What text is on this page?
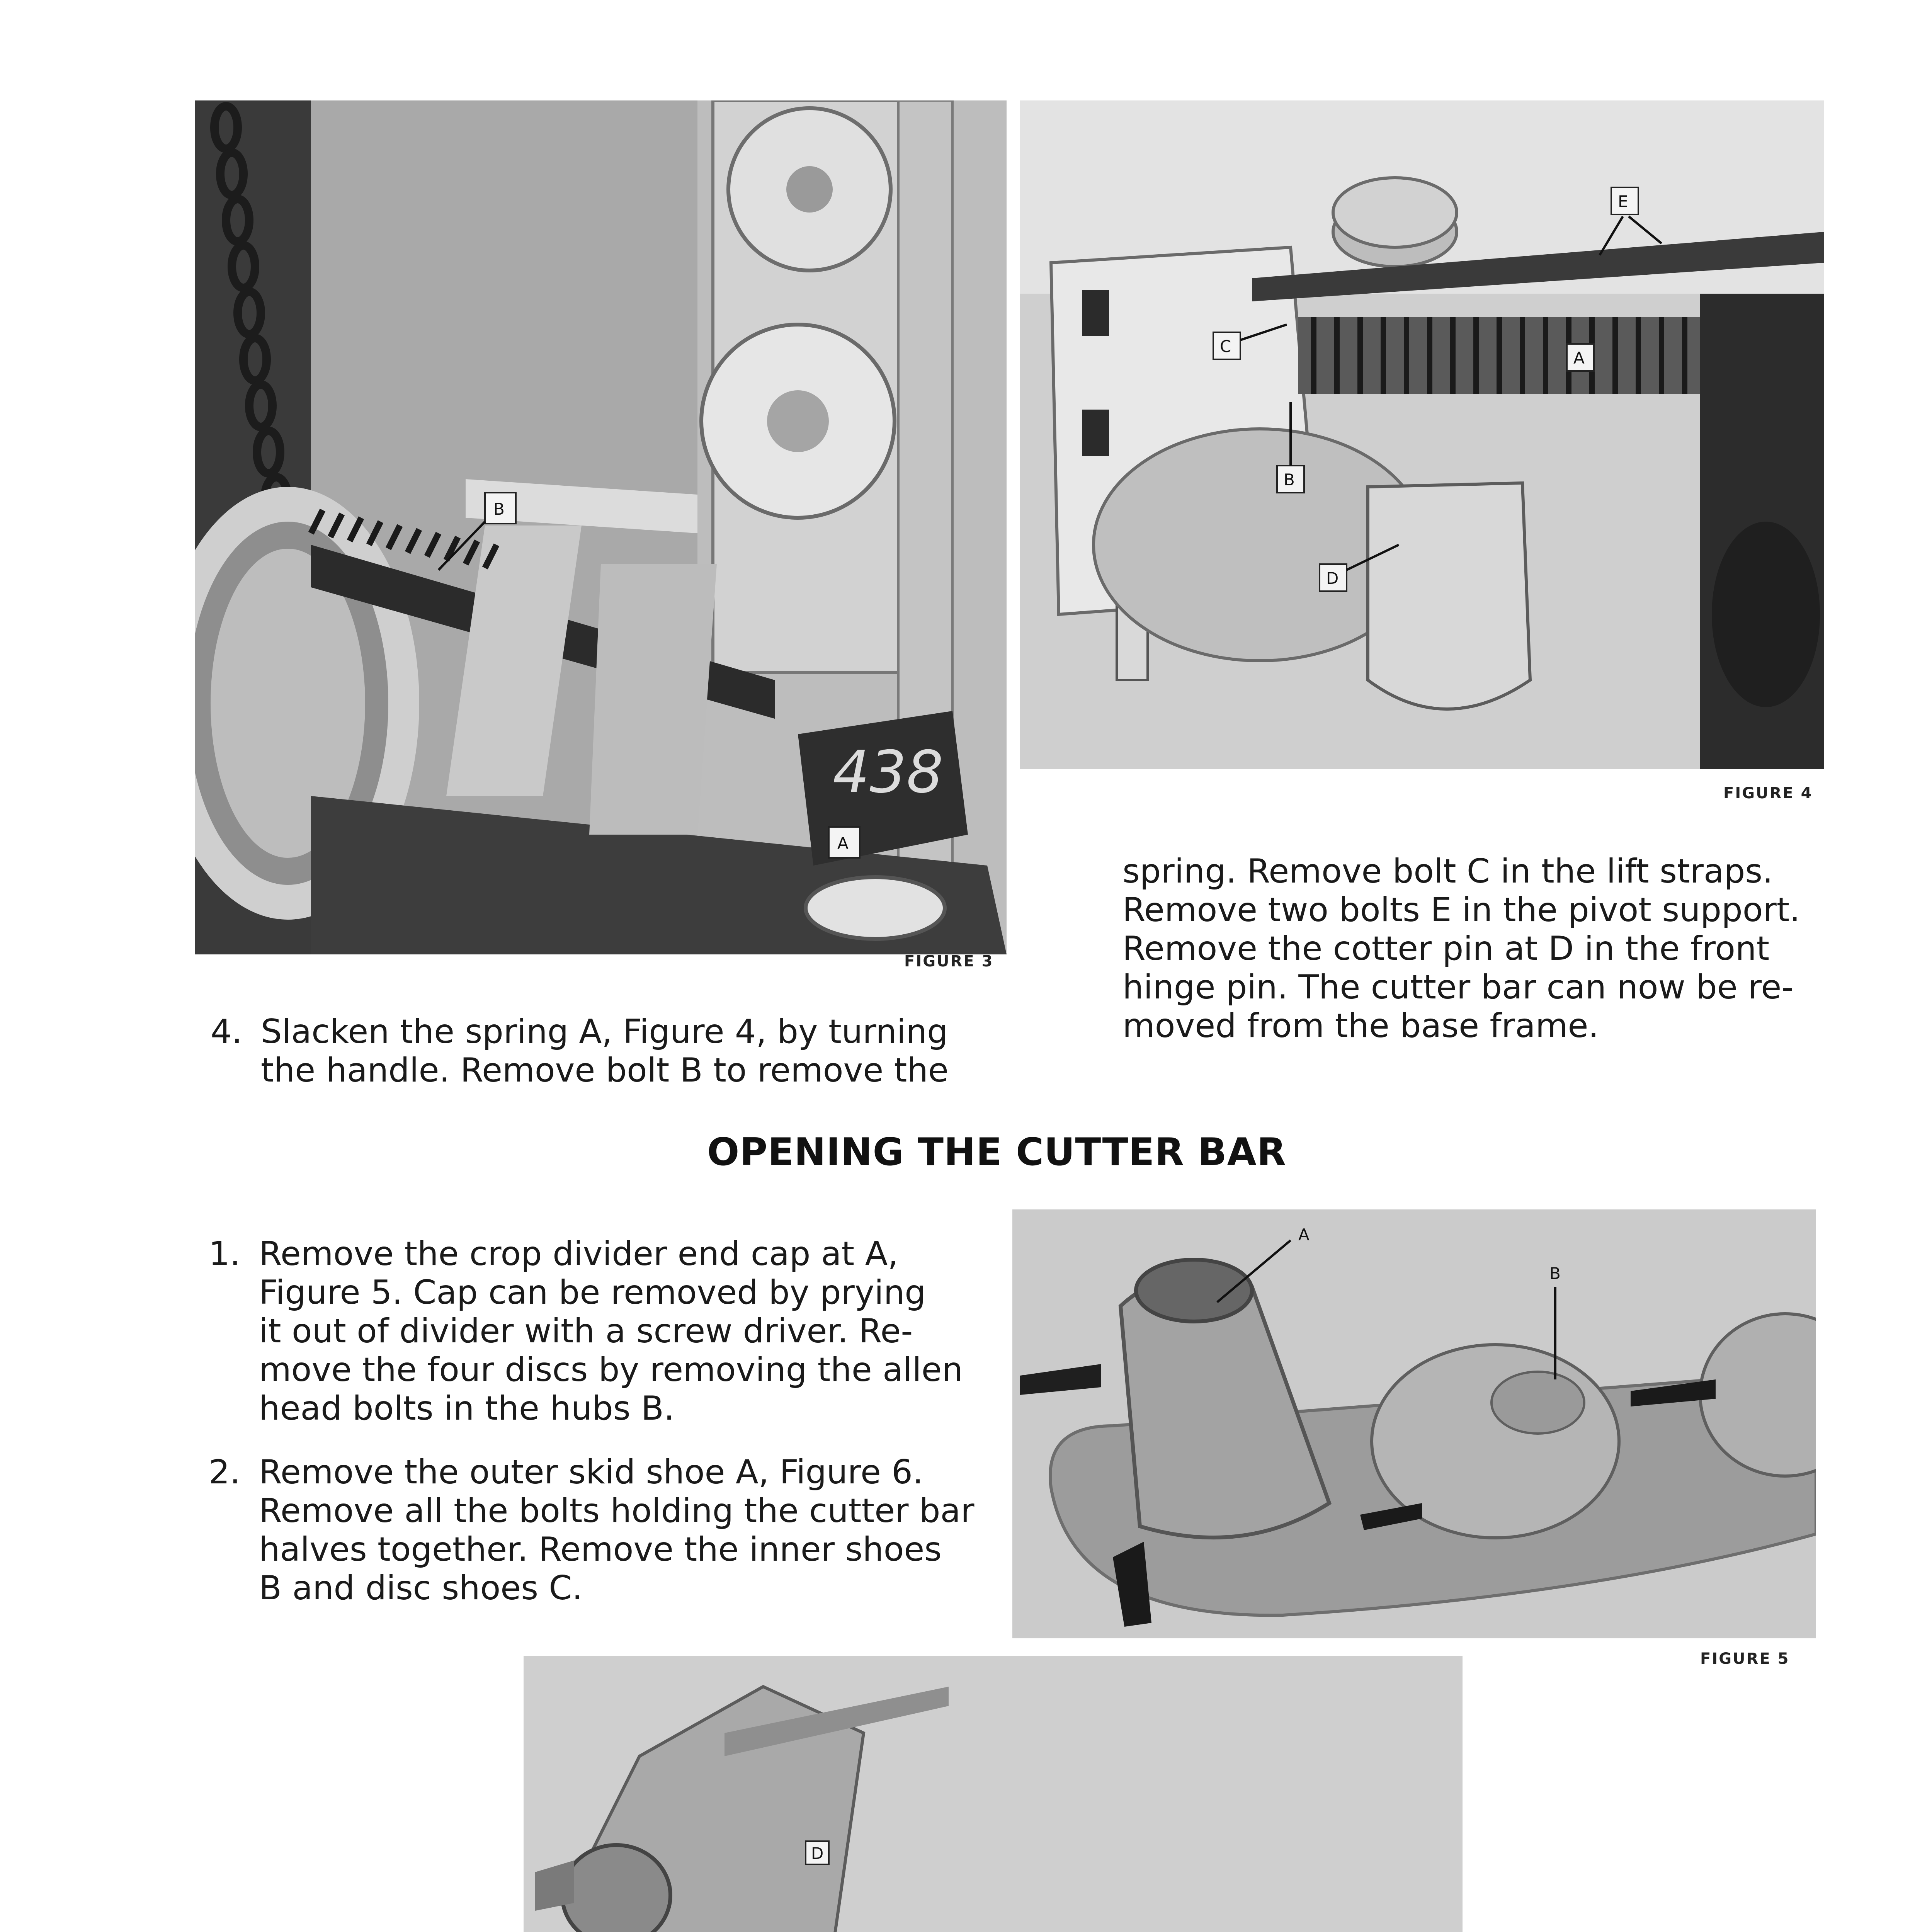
438
B
A
FIGURE 3
E
A
C
B
D
FIGURE 4
4. Slacken the spring A, Figure 4, by turning
the handle. Remove bolt B to remove the
spring. Remove bolt C in the lift straps.
Remove two bolts E in the pivot support.
Remove the cotter pin at D in the front
hinge pin. The cutter bar can now be re-
moved from the base frame.
OPENING THE CUTTER BAR
1. Remove the crop divider end cap at A,
Figure 5. Cap can be removed by prying
it out of divider with a screw driver. Re-
move the four discs by removing the allen
head bolts in the hubs B.
2. Remove the outer skid shoe A, Figure 6.
Remove all the bolts holding the cutter bar
halves together. Remove the inner shoes
B and disc shoes C.
A
B
FIGURE 5
D
